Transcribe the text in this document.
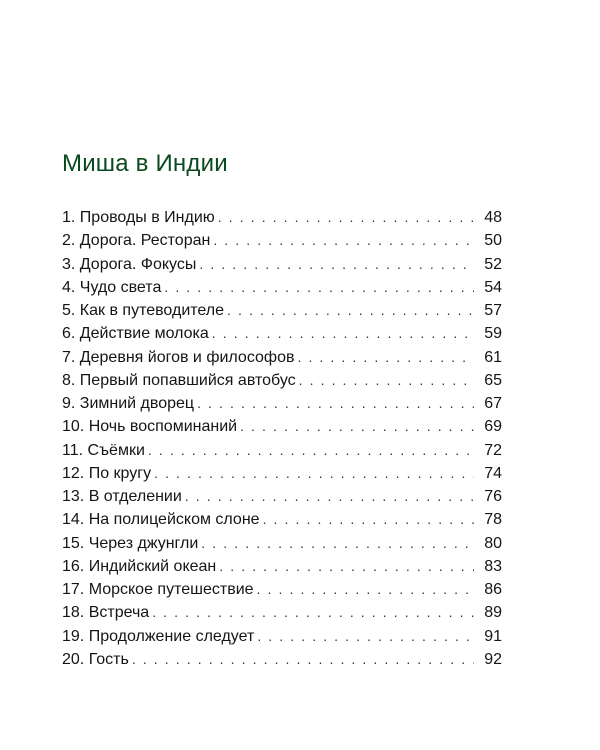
Миша в Индии
1. Проводы в Индию . . .	48
2. Дорога. Ресторан . . .	50
3. Дорога. Фокусы . . .	52
4. Чудо света . . .	54
5. Как в путеводителе . . .	57
6. Действие молока . . .	59
7. Деревня йогов и философов . . .	61
8. Первый попавшийся автобус . . .	65
9. Зимний дворец . . .	67
10. Ночь воспоминаний . . .	69
11. Съёмки . . .	72
12. По кругу . . .	74
13. В отделении . . .	76
14. На полицейском слоне . . .	78
15. Через джунгли . . .	80
16. Индийский океан . . .	83
17. Морское путешествие . . .	86
18. Встреча . . .	89
19. Продолжение следует . . .	91
20. Гость . . .	92
